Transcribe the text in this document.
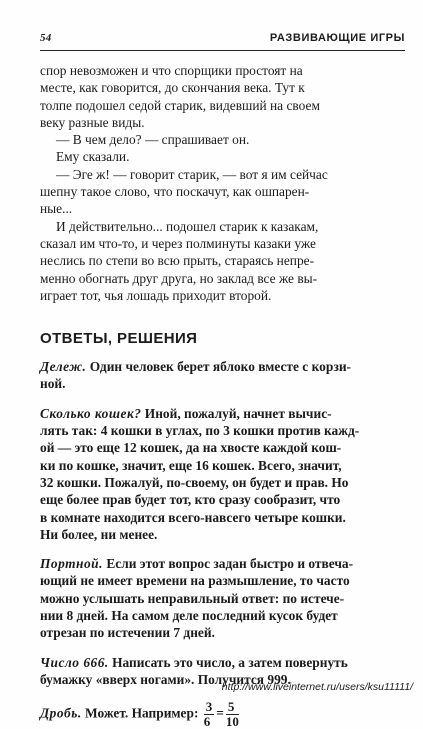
54	РАЗВИВАЮЩИЕ ИГРЫ

спор невозможен и что спорщики простоят на
месте, как говорится, до скончания века. Тут к
толпе подошел седой старик, видевший на своем
веку разные виды.

— В чем дело? — спрашивает он.

Ему сказали.

— Эге ж! — говорит старик, — вот я им сейчас
шепну такое слово, что поскачут, как ошпарен-
ные...

И действительно... подошел старик к казакам,
сказал им что-то, и через полминуты казаки уже
неслись по степи во всю прыть, стараясь непре-
менно обогнать друг друга, но заклад все же вы-
играет тот, чья лошадь приходит второй.

ОТВЕТЫ, РЕШЕНИЯ

Дележ. Один человек берет яблоко вместе с корзи-
ной.

Сколько кошек? Иной, пожалуй, начнет вычис-
лять так: 4 кошки в углах, по 3 кошки против кажд-
ой — это еще 12 кошек, да на хвосте каждой кош-
ки по кошке, значит, еще 16 кошек. Всего, значит,
32 кошки. Пожалуй, по-своему, он будет и прав. Но
еще более прав будет тот, кто сразу сообразит, что
в комнате находится всего-навсего четыре кошки.
Ни более, ни менее.

Портной. Если этот вопрос задан быстро и отвеча-
ющий не имеет времени на размышление, то часто
можно услышать неправильный ответ: по истече-
нии 8 дней. На самом деле последний кусок будет
отрезан по истечении 7 дней.

Число 666. Написать это число, а затем повернуть
бумажку «вверх ногами». Получится 999.

Дробь. Может. Например: $\frac{3}{6} = \frac{5}{10}$

http://www.liveinternet.ru/users/ksu11111/
